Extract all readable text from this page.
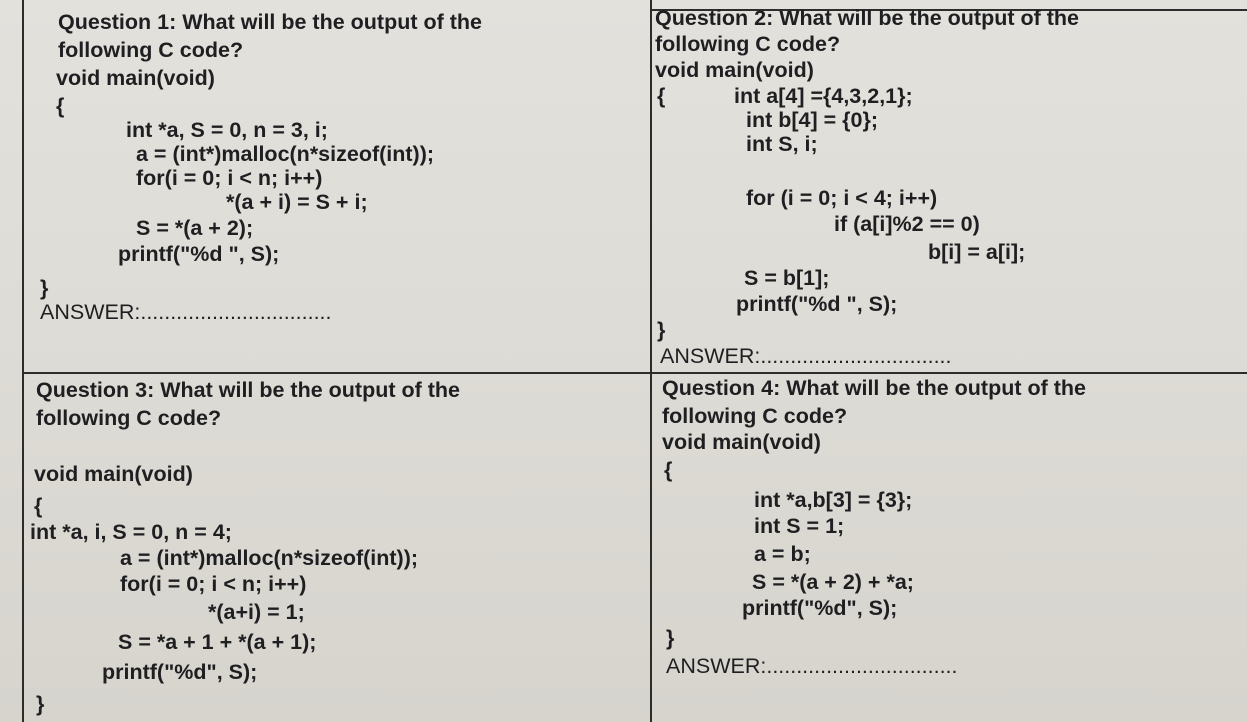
Question 1: What will be the output of the
following C code?
void main(void)
{
int *a, S = 0, n = 3, i;
a = (int*)malloc(n*sizeof(int));
for(i = 0; i < n; i++)
*(a + i) = S + i;
S = *(a + 2);
printf("%d ", S);
}
ANSWER:................................
Question 2: What will be the output of the
following C code?
void main(void)
{	int a[4] ={4,3,2,1};
int b[4] = {0};
int S, i;
for (i = 0; i < 4; i++)
if (a[i]%2 == 0)
b[i] = a[i];
S = b[1];
printf("%d ", S);
}
ANSWER:................................
Question 3: What will be the output of the
following C code?
void main(void)
{
int *a, i, S = 0, n = 4;
a = (int*)malloc(n*sizeof(int));
for(i = 0; i < n; i++)
*(a+i) = 1;
S = *a + 1 + *(a + 1);
printf("%d", S);
}
Question 4: What will be the output of the
following C code?
void main(void)
{
int *a,b[3] = {3};
int S = 1;
a = b;
S = *(a + 2) + *a;
printf("%d", S);
}
ANSWER:................................
